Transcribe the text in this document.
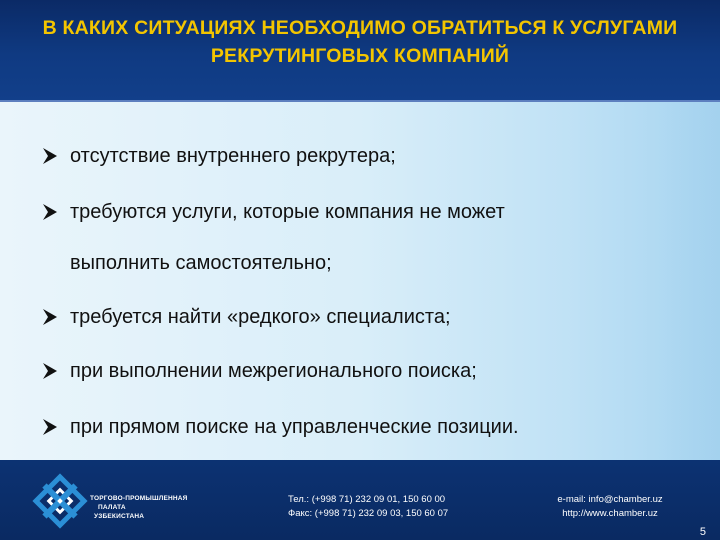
В КАКИХ СИТУАЦИЯХ НЕОБХОДИМО ОБРАТИТЬСЯ К УСЛУГАМИ РЕКРУТИНГОВЫХ КОМПАНИЙ
отсутствие внутреннего рекрутера;
требуются услуги, которые компания не может
выполнить самостоятельно;
требуется найти «редкого» специалиста;
при выполнении межрегионального поиска;
при прямом поиске на управленческие позиции.
ТОРГОВО-ПРОМЫШЛЕННАЯ
ПАЛАТА
УЗБЕКИСТАНА
Тел.: (+998 71) 232 09 01, 150 60 00
Факс: (+998 71) 232 09 03, 150 60 07
e-mail: info@chamber.uz
http://www.chamber.uz
5
